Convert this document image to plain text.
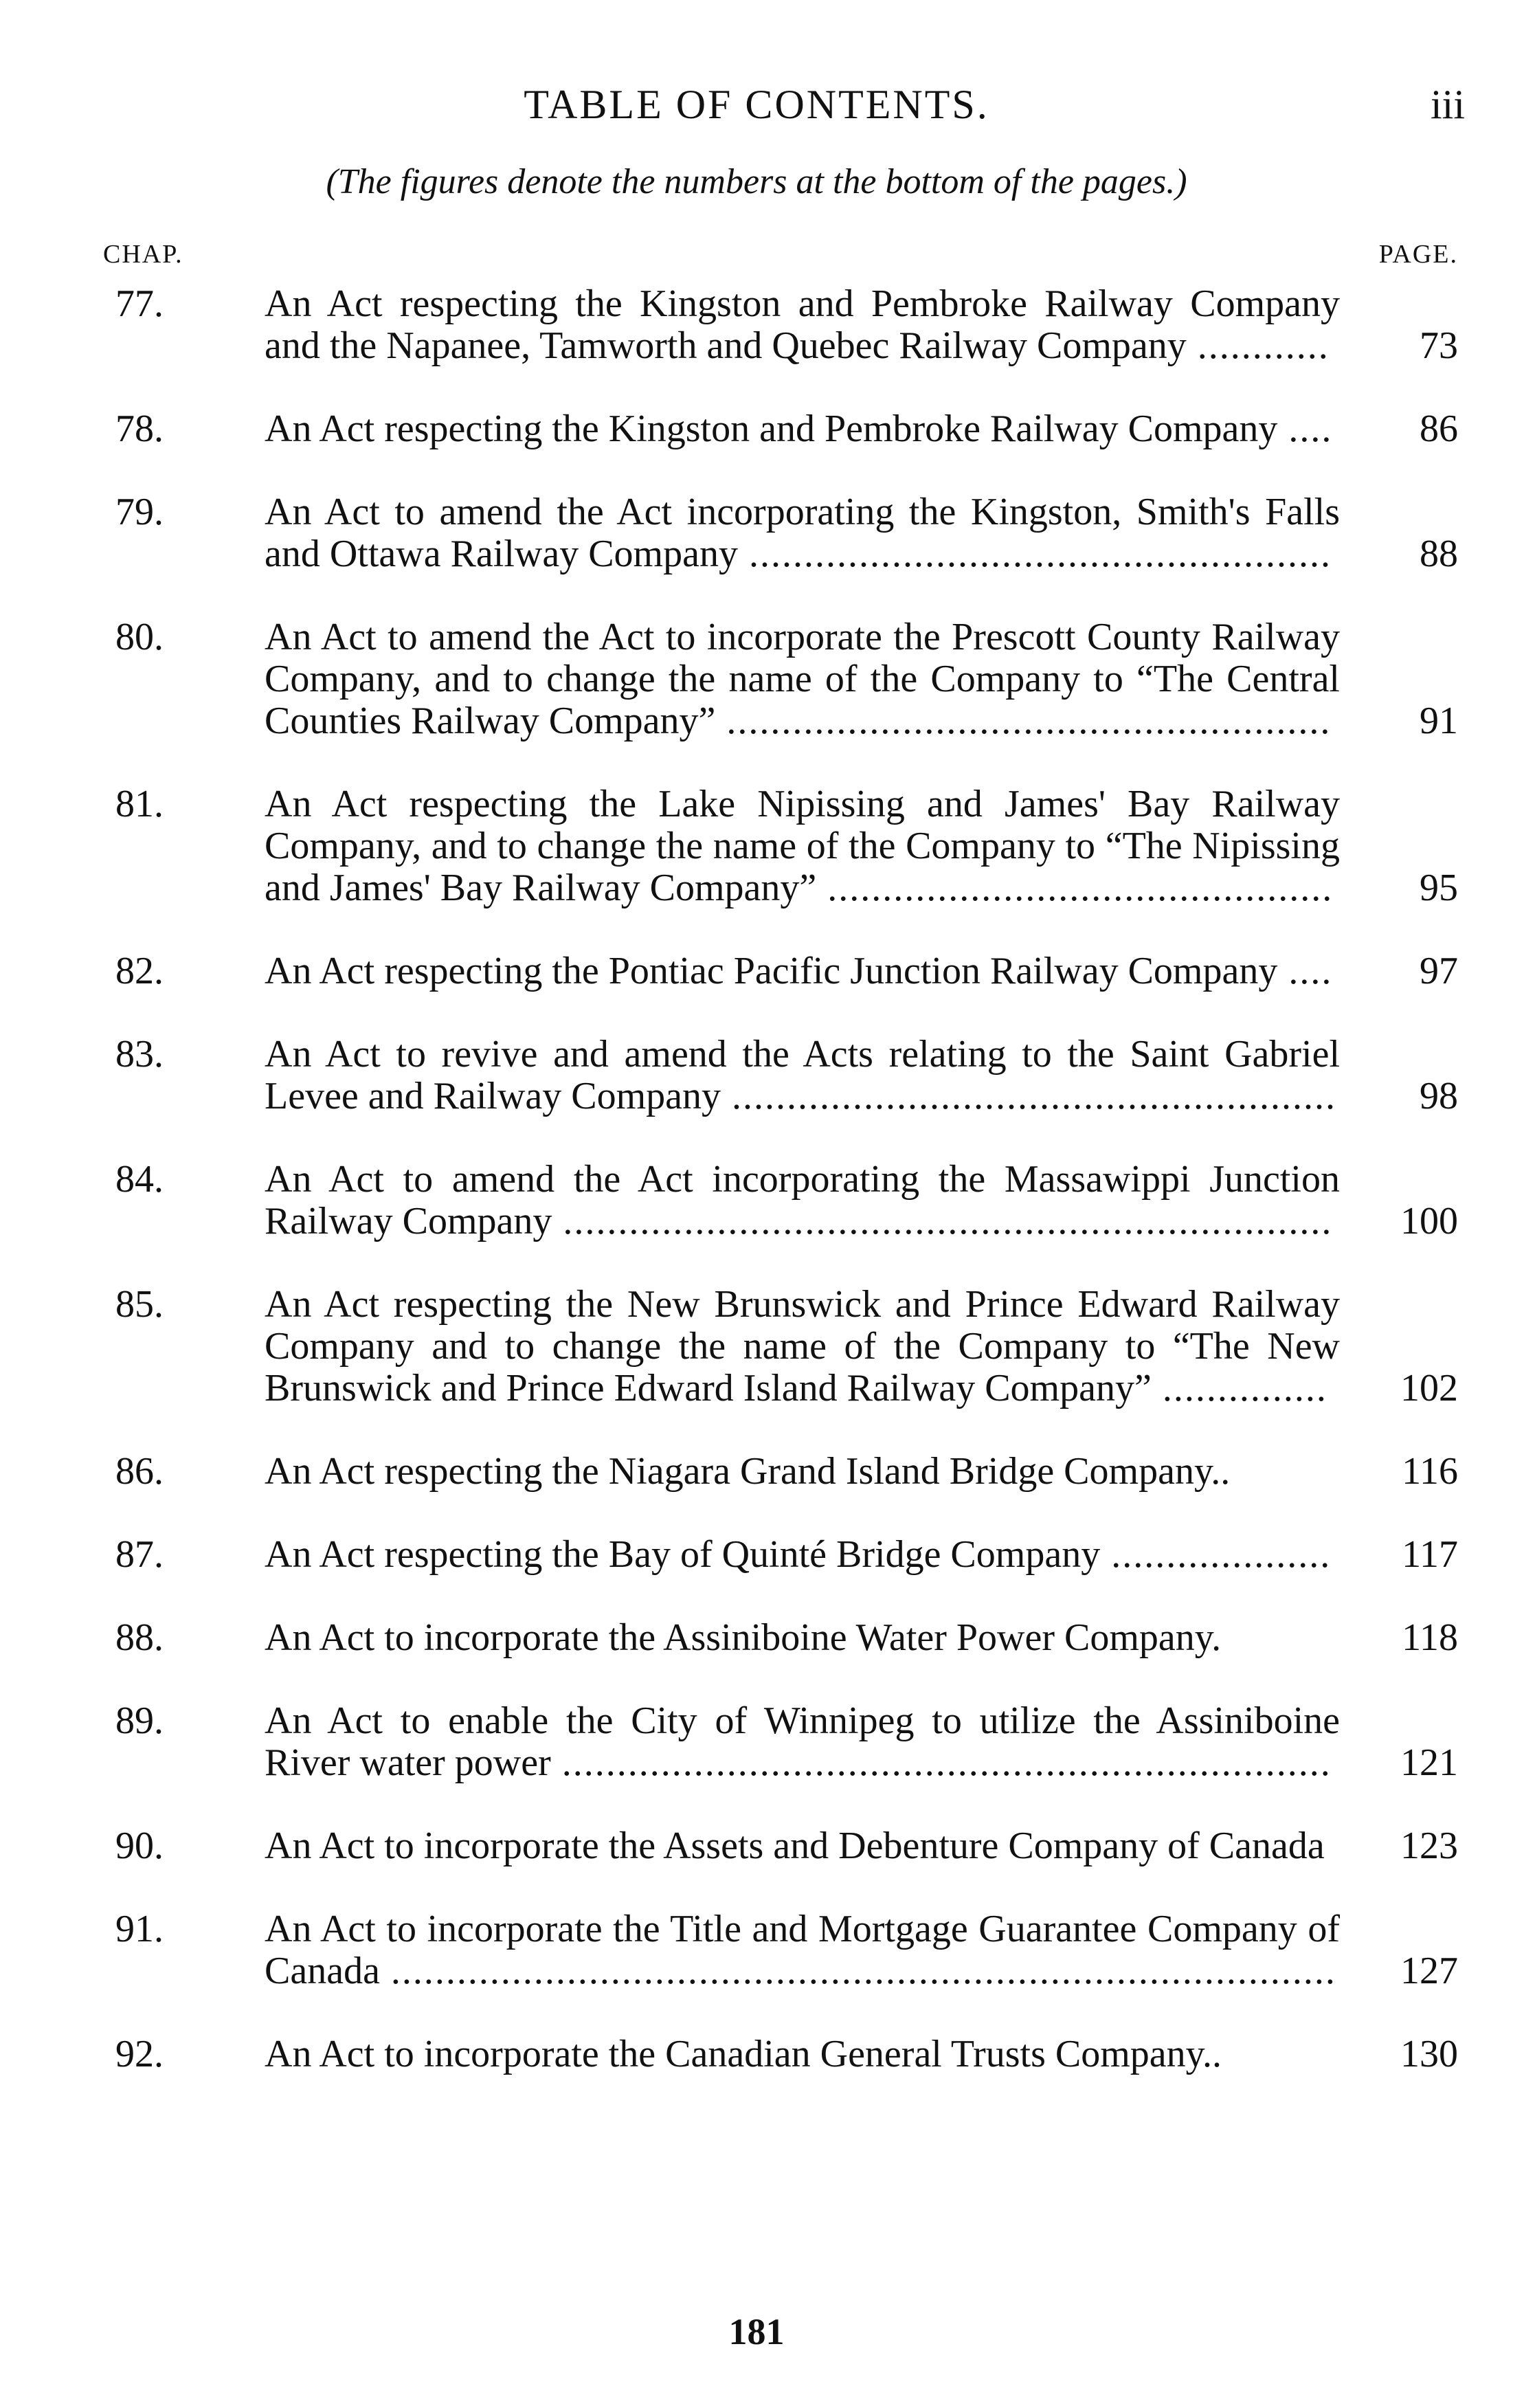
TABLE OF CONTENTS.	iii
(The figures denote the numbers at the bottom of the pages.)
CHAP.	PAGE.
77.	An Act respecting the Kingston and Pembroke Railway Company and the Napanee, Tamworth and Quebec Railway Company ............ 73
78.	An Act respecting the Kingston and Pembroke Railway Company .... 86
79.	An Act to amend the Act incorporating the Kingston, Smith's Falls and Ottawa Railway Company ..................................................... 88
80.	An Act to amend the Act to incorporate the Prescott County Railway Company, and to change the name of the Company to “The Central Counties Railway Company” ....................................................... 91
81.	An Act respecting the Lake Nipissing and James' Bay Railway Company, and to change the name of the Company to “The Nipissing and James' Bay Railway Company” .............................................. 95
82.	An Act respecting the Pontiac Pacific Junction Railway Company .... 97
83.	An Act to revive and amend the Acts relating to the Saint Gabriel Levee and Railway Company ....................................................... 98
84.	An Act to amend the Act incorporating the Massawippi Junction Railway Company ...................................................................... 100
85.	An Act respecting the New Brunswick and Prince Edward Railway Company and to change the name of the Company to “The New Brunswick and Prince Edward Island Railway Company” ...............	102
86.	An Act respecting the Niagara Grand Island Bridge Company..	116
87.	An Act respecting the Bay of Quinté Bridge Company .................... 117
88.	An Act to incorporate the Assiniboine Water Power Company.	118
89.	An Act to enable the City of Winnipeg to utilize the Assiniboine River water power ...................................................................... 121
90.	An Act to incorporate the Assets and Debenture Company of Canada	123
91.	An Act to incorporate the Title and Mortgage Guarantee Company of Canada ...................................................................................... 127
92.	An Act to incorporate the Canadian General Trusts Company..	130
181
